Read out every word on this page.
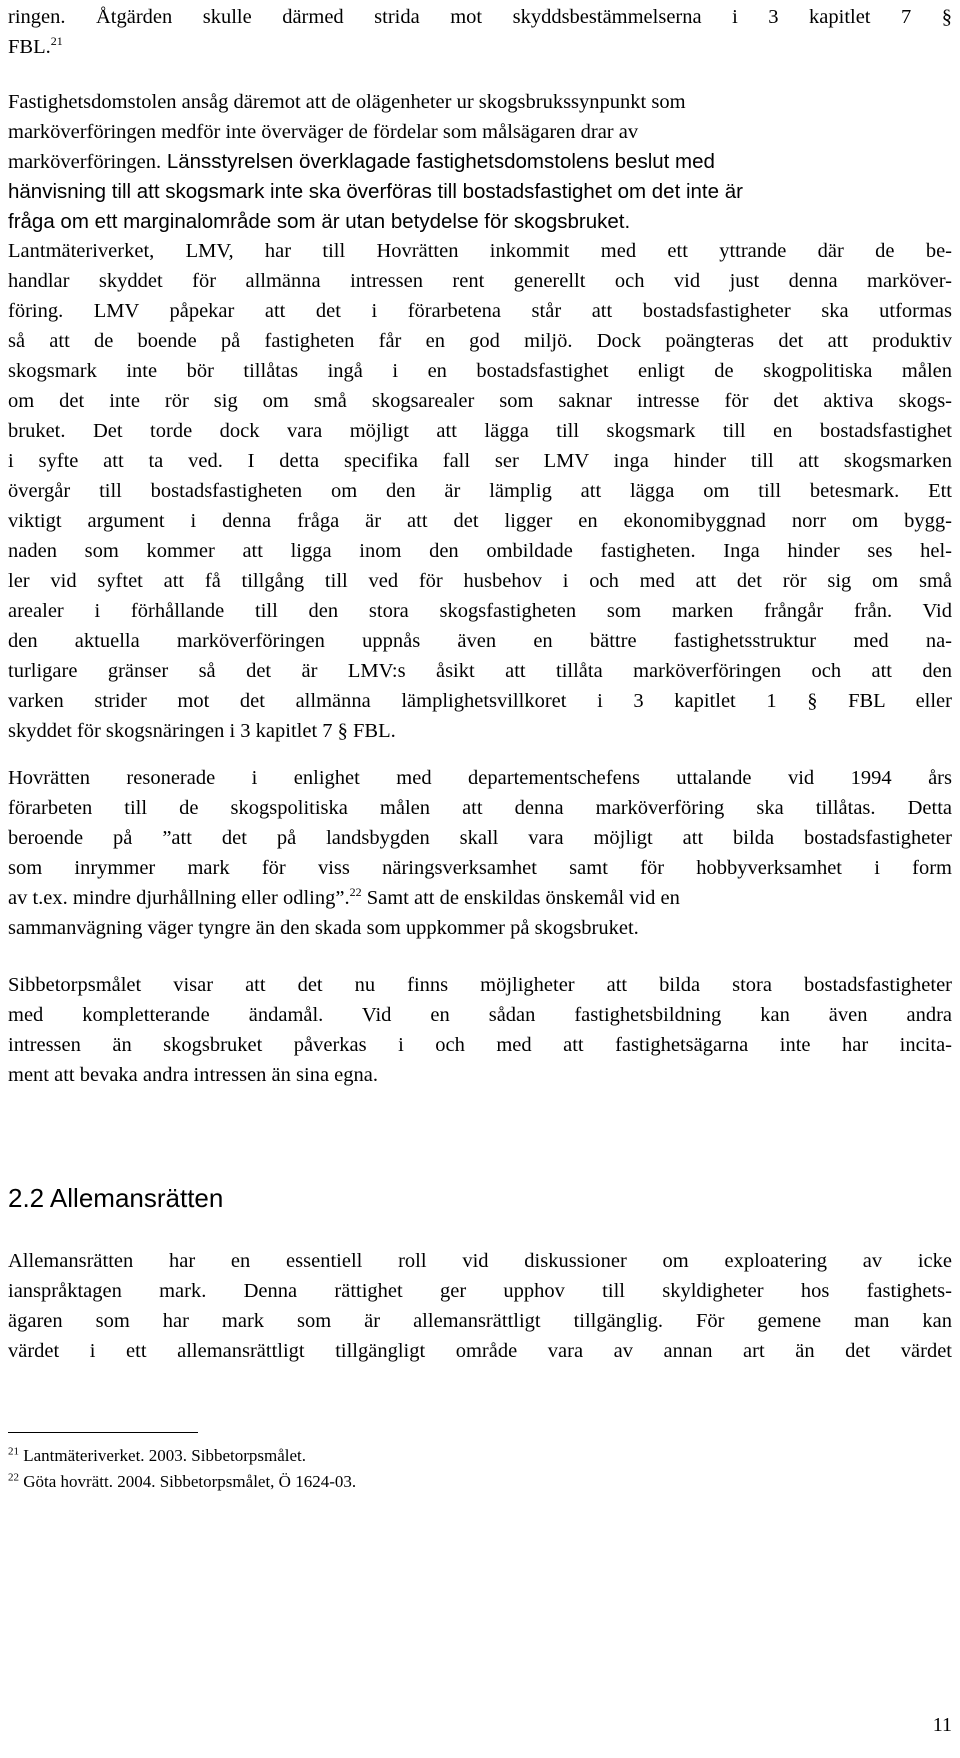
ringen. Åtgärden skulle därmed strida mot skyddsbestämmelserna i 3 kapitlet 7 §
FBL.$^{21}$
Fastighetsdomstolen ansåg däremot att de olägenheter ur skogsbrukssynpunkt som
marköverföringen medför inte överväger de fördelar som målsägaren drar av
marköverföringen. Länsstyrelsen överklagade fastighetsdomstolens beslut med
hänvisning till att skogsmark inte ska överföras till bostadsfastighet om det inte är
fråga om ett marginalområde som är utan betydelse för skogsbruket.
Lantmäteriverket, LMV, har till Hovrätten inkommit med ett yttrande där de be-
handlar skyddet för allmänna intressen rent generellt och vid just denna marköver-
föring. LMV påpekar att det i förarbetena står att bostadsfastigheter ska utformas
så att de boende på fastigheten får en god miljö. Dock poängteras det att produktiv
skogsmark inte bör tillåtas ingå i en bostadsfastighet enligt de skogpolitiska målen
om det inte rör sig om små skogsarealer som saknar intresse för det aktiva skogs-
bruket. Det torde dock vara möjligt att lägga till skogsmark till en bostadsfastighet
i syfte att ta ved. I detta specifika fall ser LMV inga hinder till att skogsmarken
övergår till bostadsfastigheten om den är lämplig att lägga om till betesmark. Ett
viktigt argument i denna fråga är att det ligger en ekonomibyggnad norr om bygg-
naden som kommer att ligga inom den ombildade fastigheten. Inga hinder ses hel-
ler vid syftet att få tillgång till ved för husbehov i och med att det rör sig om små
arealer i förhållande till den stora skogsfastigheten som marken frångår från. Vid
den aktuella marköverföringen uppnås även en bättre fastighetsstruktur med na-
turligare gränser så det är LMV:s åsikt att tillåta marköverföringen och att den
varken strider mot det allmänna lämplighetsvillkoret i 3 kapitlet 1 § FBL eller
skyddet för skogsnäringen i 3 kapitlet 7 § FBL.
Hovrätten resonerade i enlighet med departementschefens uttalande vid 1994 års
förarbeten till de skogspolitiska målen att denna marköverföring ska tillåtas. Detta
beroende på ”att det på landsbygden skall vara möjligt att bilda bostadsfastigheter
som inrymmer mark för viss näringsverksamhet samt för hobbyverksamhet i form
av t.ex. mindre djurhållning eller odling”.$^{22}$ Samt att de enskildas önskemål vid en
sammanvägning väger tyngre än den skada som uppkommer på skogsbruket.
Sibbetorpsmålet visar att det nu finns möjligheter att bilda stora bostadsfastigheter
med kompletterande ändamål. Vid en sådan fastighetsbildning kan även andra
intressen än skogsbruket påverkas i och med att fastighetsägarna inte har incita-
ment att bevaka andra intressen än sina egna.
2.2 Allemansrätten
Allemansrätten har en essentiell roll vid diskussioner om exploatering av icke
ianspråktagen mark. Denna rättighet ger upphov till skyldigheter hos fastighets-
ägaren som har mark som är allemansrättligt tillgänglig. För gemene man kan
värdet i ett allemansrättligt tillgängligt område vara av annan art än det värdet
$^{21}$ Lantmäteriverket. 2003. Sibbetorpsmålet.
$^{22}$ Göta hovrätt. 2004. Sibbetorpsmålet, Ö 1624-03.
11
